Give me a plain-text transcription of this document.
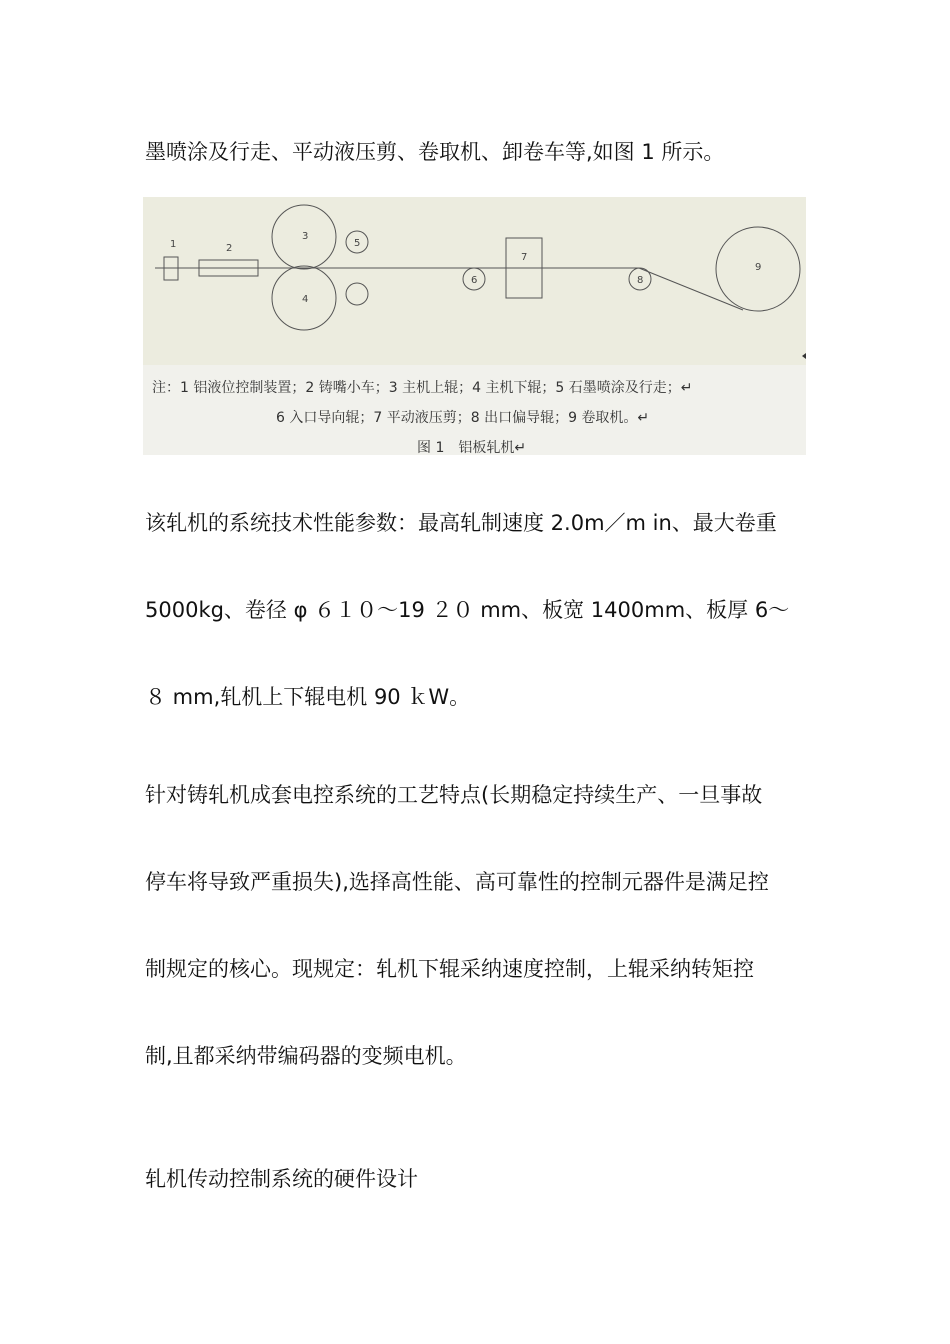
墨喷涂及行走、平动液压剪、卷取机、卸卷车等,如图 1 所示。
1	2
3
4
5
6
7
8
9
注：1 铝液位控制装置；2 铸嘴小车；3 主机上辊；4 主机下辊；5 石墨喷涂及行走；↵
6 入口导向辊；7 平动液压剪；8 出口偏导辊；9 卷取机。↵
图 1　铝板轧机↵
该轧机的系统技术性能参数：最高轧制速度 2.0m／m in、最大卷重
5000kg、卷径 φ ６１０～19 ２０ mm、板宽 1400mm、板厚 6～
８ mm,轧机上下辊电机 90 ｋW。
针对铸轧机成套电控系统的工艺特点(长期稳定持续生产、一旦事故
停车将导致严重损失),选择高性能、高可靠性的控制元器件是满足控
制规定的核心。现规定：轧机下辊采纳速度控制，上辊采纳转矩控
制,且都采纳带编码器的变频电机。
轧机传动控制系统的硬件设计
